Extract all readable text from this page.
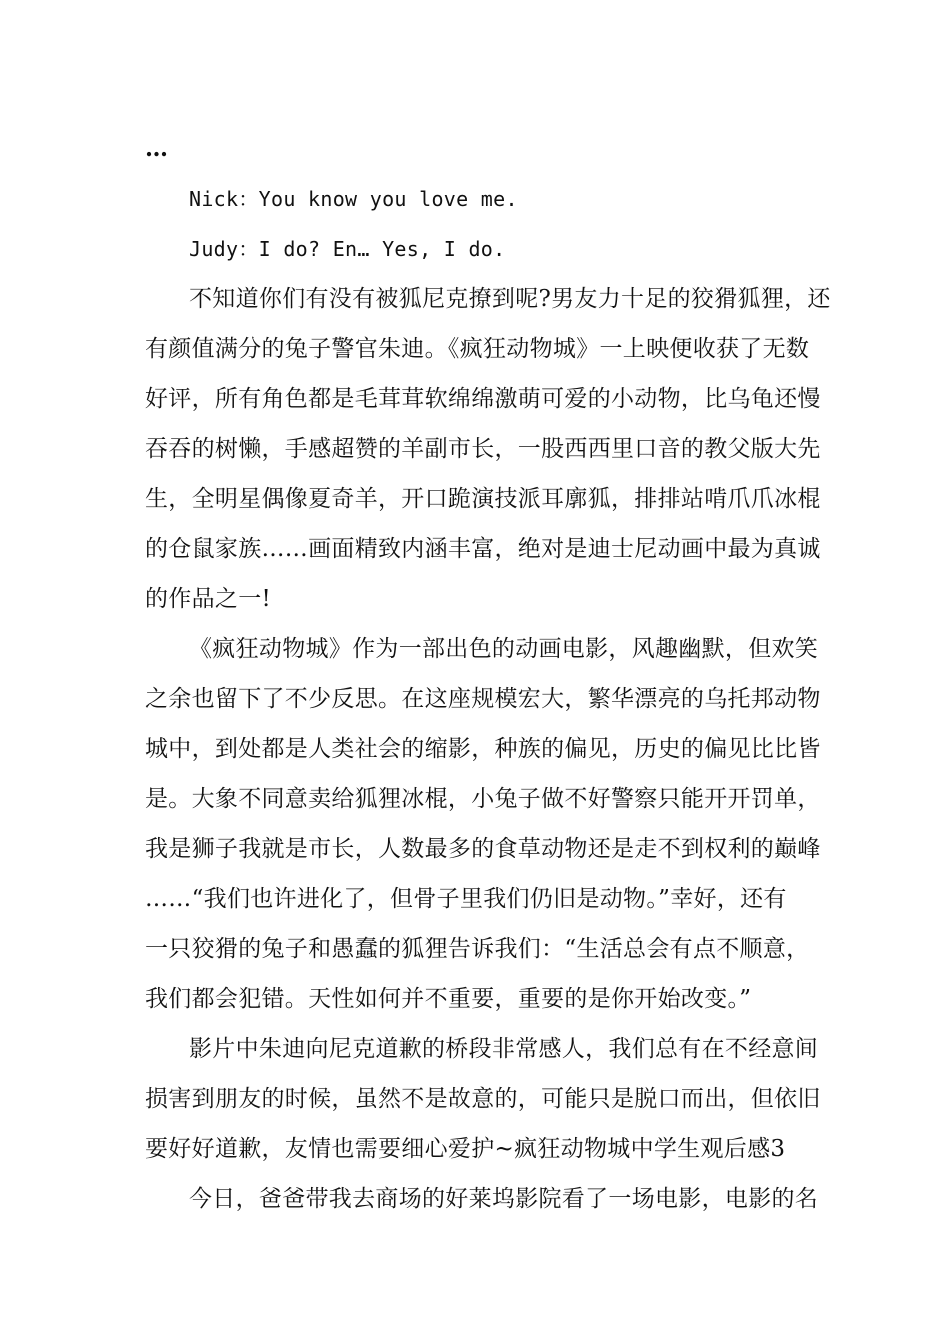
…
Nick：You know you love me.
Judy：I do? En… Yes, I do.
不知道你们有没有被狐尼克撩到呢?男友力十足的狡猾狐狸，还
有颜值满分的兔子警官朱迪。《疯狂动物城》一上映便收获了无数
好评，所有角色都是毛茸茸软绵绵激萌可爱的小动物，比乌龟还慢
吞吞的树懒，手感超赞的羊副市长，一股西西里口音的教父版大先
生，全明星偶像夏奇羊，开口跪演技派耳廓狐，排排站啃爪爪冰棍
的仓鼠家族……画面精致内涵丰富，绝对是迪士尼动画中最为真诚
的作品之一!
《疯狂动物城》作为一部出色的动画电影，风趣幽默，但欢笑
之余也留下了不少反思。在这座规模宏大，繁华漂亮的乌托邦动物
城中，到处都是人类社会的缩影，种族的偏见，历史的偏见比比皆
是。大象不同意卖给狐狸冰棍，小兔子做不好警察只能开开罚单，
我是狮子我就是市长，人数最多的食草动物还是走不到权利的巅峰
……“我们也许进化了，但骨子里我们仍旧是动物。”幸好，还有
一只狡猾的兔子和愚蠢的狐狸告诉我们：“生活总会有点不顺意，
我们都会犯错。天性如何并不重要，重要的是你开始改变。”
影片中朱迪向尼克道歉的桥段非常感人，我们总有在不经意间
损害到朋友的时候，虽然不是故意的，可能只是脱口而出，但依旧
要好好道歉，友情也需要细心爱护~疯狂动物城中学生观后感3
今日，爸爸带我去商场的好莱坞影院看了一场电影，电影的名
